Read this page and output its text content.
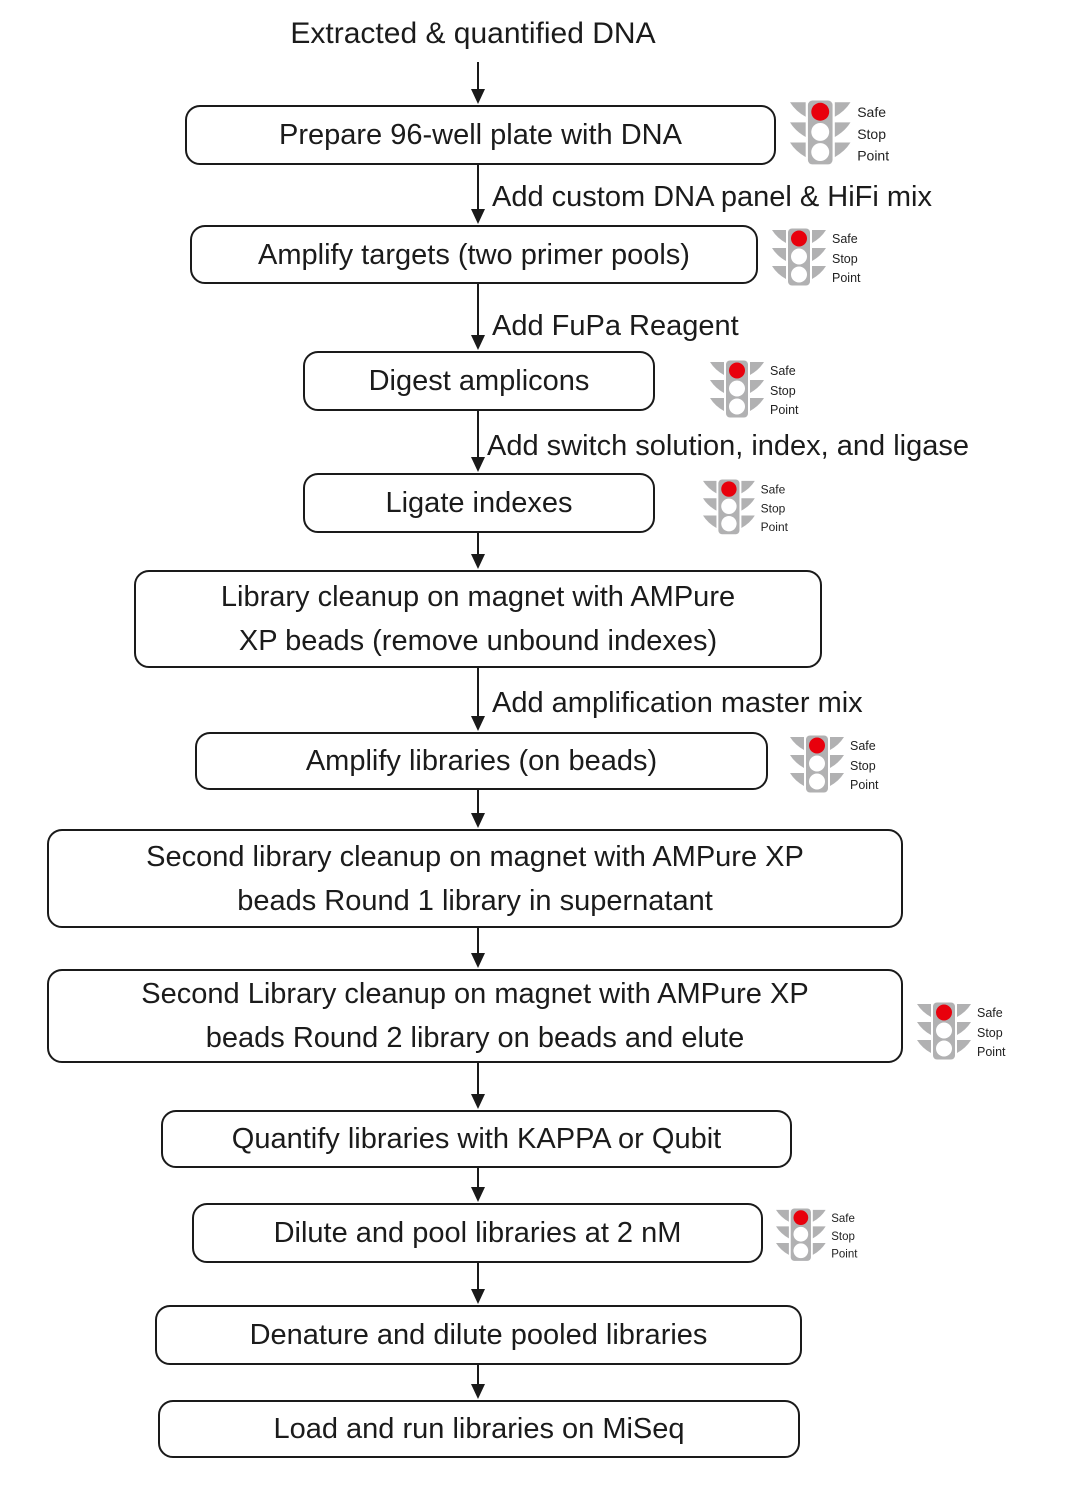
Extracted & quantified DNA
Prepare 96-well plate with DNA
Amplify targets (two primer pools)
Digest amplicons
Ligate indexes
Library cleanup on magnet with AMPure
XP beads (remove unbound indexes)
Amplify libraries (on beads)
Second library cleanup on magnet with AMPure XP
beads Round 1 library in supernatant
Second Library cleanup on magnet with AMPure XP
beads Round 2 library on beads and elute
Quantify libraries with KAPPA or Qubit
Dilute and pool libraries at 2 nM
Denature and dilute pooled libraries
Load and run libraries on MiSeq
Add custom DNA panel & HiFi mix
Add FuPa Reagent
Add switch solution, index, and ligase
Add amplification master mix
Safe
Stop
Point
Safe
Stop
Point
Safe
Stop
Point
Safe
Stop
Point
Safe
Stop
Point
Safe
Stop
Point
Safe
Stop
Point
